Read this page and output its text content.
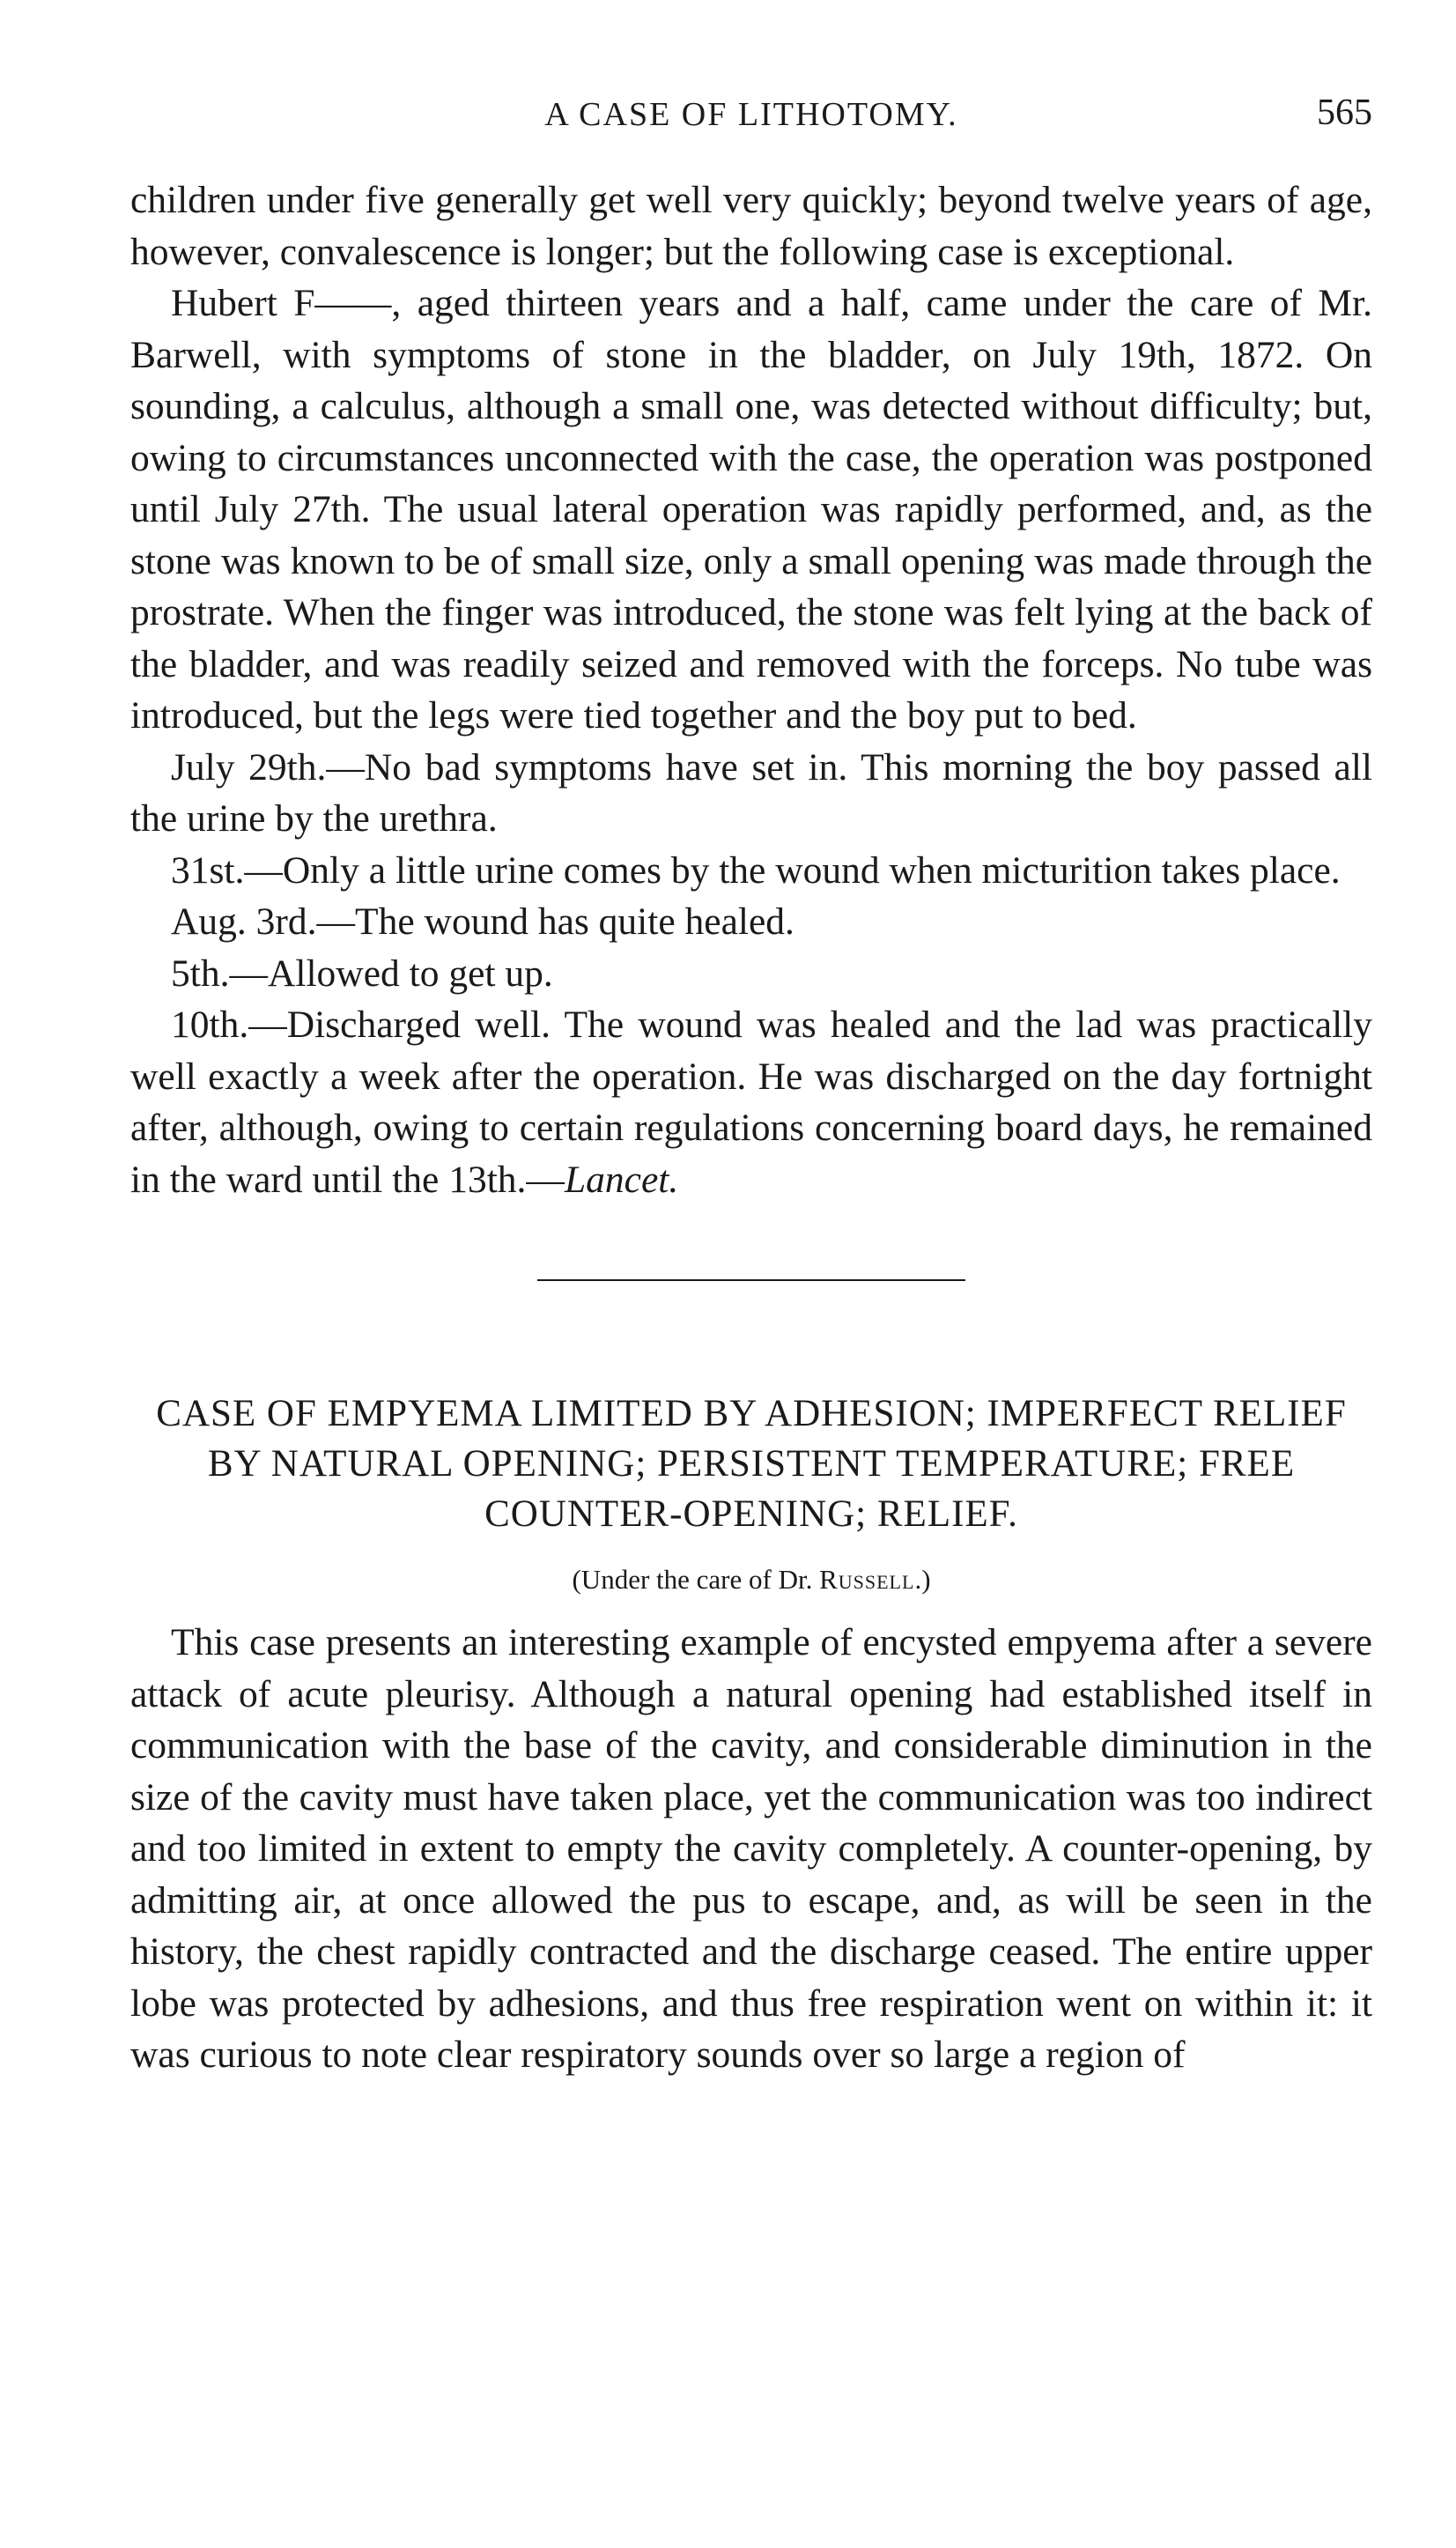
A CASE OF LITHOTOMY.	565

children under five generally get well very quickly; beyond twelve years of age, however, convalescence is longer; but the following case is exceptional.

Hubert F——, aged thirteen years and a half, came under the care of Mr. Barwell, with symptoms of stone in the bladder, on July 19th, 1872. On sounding, a calculus, although a small one, was detected without difficulty; but, owing to circumstances unconnected with the case, the operation was postponed until July 27th. The usual lateral operation was rapidly performed, and, as the stone was known to be of small size, only a small opening was made through the prostrate. When the finger was introduced, the stone was felt lying at the back of the bladder, and was readily seized and removed with the forceps. No tube was introduced, but the legs were tied together and the boy put to bed.

July 29th.—No bad symptoms have set in. This morning the boy passed all the urine by the urethra.

31st.—Only a little urine comes by the wound when micturition takes place.

Aug. 3rd.—The wound has quite healed.

5th.—Allowed to get up.

10th.—Discharged well. The wound was healed and the lad was practically well exactly a week after the operation. He was discharged on the day fortnight after, although, owing to certain regulations concerning board days, he remained in the ward until the 13th.—Lancet.

CASE OF EMPYEMA LIMITED BY ADHESION; IMPERFECT RELIEF BY NATURAL OPENING; PERSISTENT TEMPERATURE; FREE COUNTER-OPENING; RELIEF.
(Under the care of Dr. Russell.)

This case presents an interesting example of encysted empyema after a severe attack of acute pleurisy. Although a natural opening had established itself in communication with the base of the cavity, and considerable diminution in the size of the cavity must have taken place, yet the communication was too indirect and too limited in extent to empty the cavity completely. A counter-opening, by admitting air, at once allowed the pus to escape, and, as will be seen in the history, the chest rapidly contracted and the discharge ceased. The entire upper lobe was protected by adhesions, and thus free respiration went on within it: it was curious to note clear respiratory sounds over so large a region of
